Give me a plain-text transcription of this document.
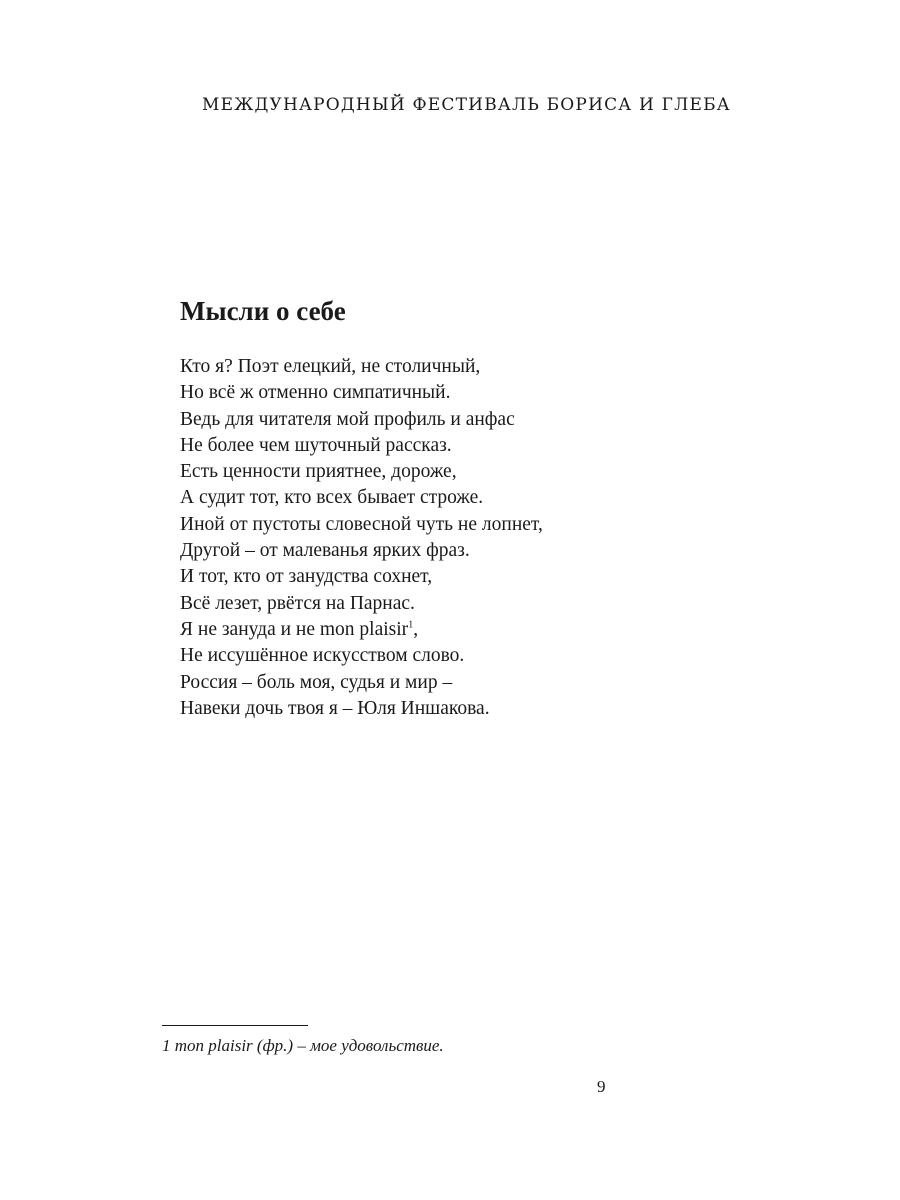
МЕЖДУНАРОДНЫЙ ФЕСТИВАЛЬ БОРИСА И ГЛЕБА
Мысли о себе
Кто я? Поэт елецкий, не столичный,
Но всё ж отменно симпатичный.
Ведь для читателя мой профиль и анфас
Не более чем шуточный рассказ.
Есть ценности приятнее, дороже,
А судит тот, кто всех бывает строже.
Иной от пустоты словесной чуть не лопнет,
Другой – от малеванья ярких фраз.
И тот, кто от занудства сохнет,
Всё лезет, рвётся на Парнас.
Я не зануда и не mon plaisir$^1$,
Не иссушённое искусством слово.
Россия – боль моя, судья и мир –
Навеки дочь твоя я – Юля Иншакова.
1 mon plaisir (фр.) – мое удовольствие.
9
